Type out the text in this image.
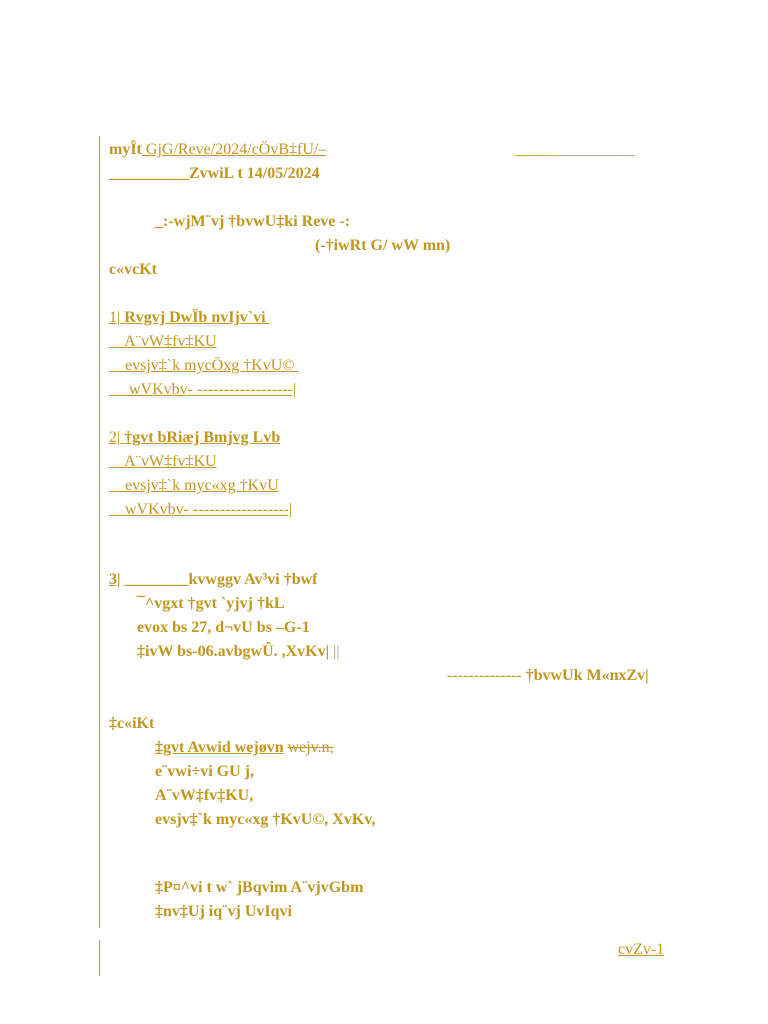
myÎt GjG/Reve/2024/cÖvB‡fU/–	_______________
__________ZvwiL t 14/05/2024
_:-wjM¨vj †bvwU‡ki Reve -:
(-†iwRt G/ wW mn)
c«vcKt
1| Rvgvj DwÏb nvIjv`vi
A¨vW‡fv‡KU
evsjv‡`k mycÖxg †KvU©
wVKvbv- ------------------|
2| †gvt bRiæj Bmjvg Lvb
A¨vW‡fv‡KU
evsjv‡`k myc«xg †KvU
wVKvbv- ------------------|
3| ________kvwggv Av³vi †bwf
¯^vgxt †gvt `yjvj †kL
evox bs 27, d¬vU bs –G-1
‡ivW bs-06.avbgwÛ. ,XvKv| ||
-------------- †bvwUk M«nxZv|
‡c«iKt
‡gvt Avwid wejøvn wejv.n,
e¨vwi÷vi GU j,
A¨vW‡fv‡KU,
evsjv‡`k myc«xg †KvU©, XvKv,
‡P¤^vi t w` jBqvim A¨vjvGbm
‡nv‡Uj iq¨vj UvIqvi
cvZv-1
